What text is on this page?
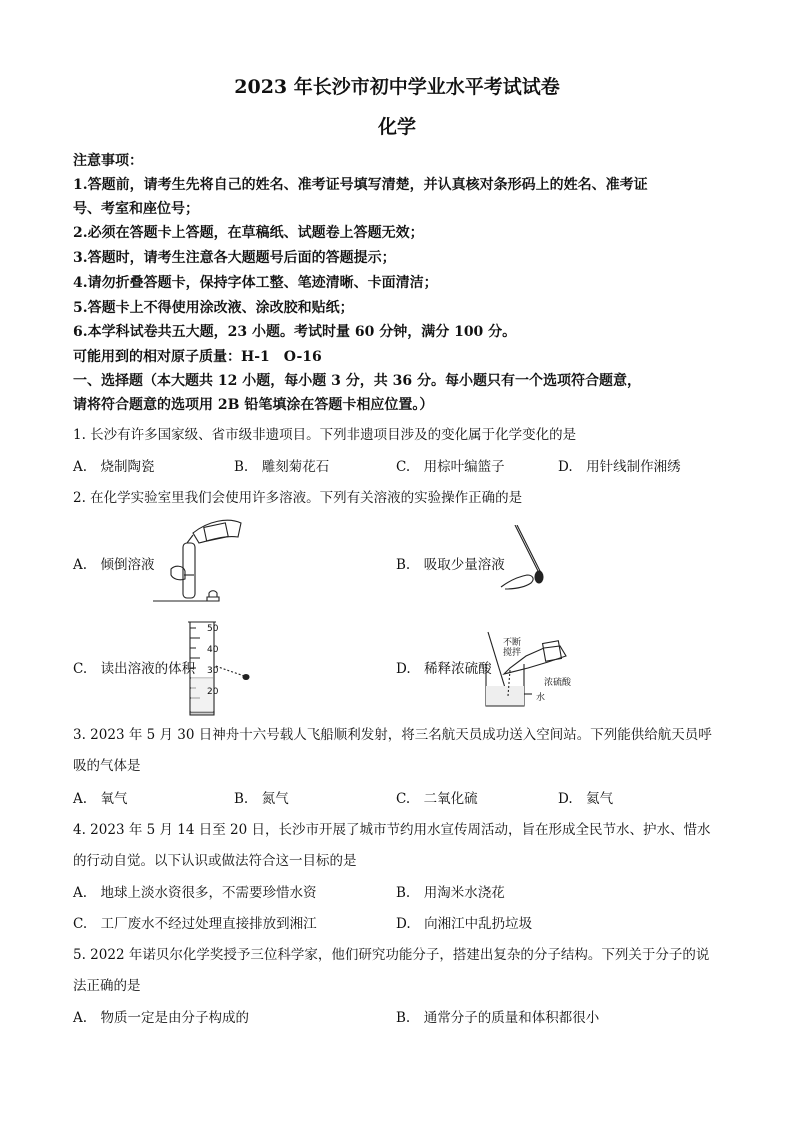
2023 年长沙市初中学业水平考试试卷
化学
注意事项：
1.答题前，请考生先将自己的姓名、准考证号填写清楚，并认真核对条形码上的姓名、准考证
号、考室和座位号；
2.必须在答题卡上答题，在草稿纸、试题卷上答题无效；
3.答题时，请考生注意各大题题号后面的答题提示；
4.请勿折叠答题卡，保持字体工整、笔迹清晰、卡面清洁；
5.答题卡上不得使用涂改液、涂改胶和贴纸；
6.本学科试卷共五大题，23 小题。考试时量 60 分钟，满分 100 分。
可能用到的相对原子质量：H-1　O-16
一、选择题（本大题共 12 小题，每小题 3 分，共 36 分。每小题只有一个选项符合题意，
请将符合题意的选项用 2B 铅笔填涂在答题卡相应位置。）
1. 长沙有许多国家级、省市级非遗项目。下列非遗项目涉及的变化属于化学变化的是
A.　烧制陶瓷	B.　雕刻菊花石	C.　用棕叶编篮子	D.　用针线制作湘绣
2. 在化学实验室里我们会使用许多溶液。下列有关溶液的实验操作正确的是
A.　倾倒溶液	B.　吸取少量溶液
C.　读出溶液的体积	D.　稀释浓硫酸
50
40
30
20
不断
搅拌
浓硫酸
水
3. 2023 年 5 月 30 日神舟十六号载人飞船顺利发射，将三名航天员成功送入空间站。下列能供给航天员呼
吸的气体是
A.　氧气	B.　氮气	C.　二氧化硫	D.　氦气
4. 2023 年 5 月 14 日至 20 日，长沙市开展了城市节约用水宣传周活动，旨在形成全民节水、护水、惜水
的行动自觉。以下认识或做法符合这一目标的是
A.　地球上淡水资很多，不需要珍惜水资	B.　用淘米水浇花
C.　工厂废水不经过处理直接排放到湘江	D.　向湘江中乱扔垃圾
5. 2022 年诺贝尔化学奖授予三位科学家，他们研究功能分子，搭建出复杂的分子结构。下列关于分子的说
法正确的是
A.　物质一定是由分子构成的	B.　通常分子的质量和体积都很小
